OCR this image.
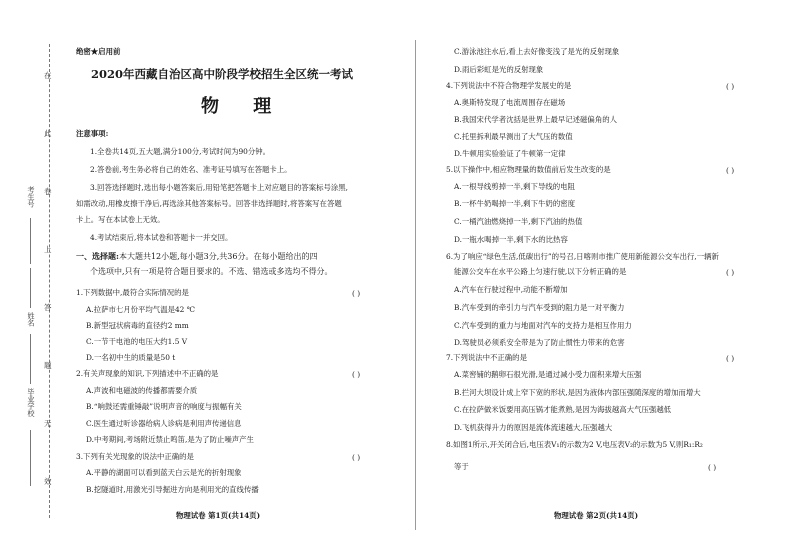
在
此
卷
上
答
题
无
效
考生号
姓名
毕业学校
绝密★启用前
2020年西藏自治区高中阶段学校招生全区统一考试
物 理
注意事项:
1.全卷共14页,五大题,满分100分,考试时间为90分钟。
2.答卷前,考生务必将自己的姓名、准考证号填写在答题卡上。
3.回答选择题时,选出每小题答案后,用铅笔把答题卡上对应题目的答案标号涂黑,
如需改动,用橡皮擦干净后,再选涂其他答案标号。回答非选择题时,将答案写在答题
卡上。写在本试卷上无效。
4.考试结束后,将本试卷和答题卡一并交回。
一、选择题:本大题共12小题,每小题3分,共36分。在每小题给出的四
个选项中,只有一项是符合题目要求的。不选、错选或多选均不得分。
1.下列数据中,最符合实际情况的是	( )
A.拉萨市七月份平均气温是42 ℃
B.新型冠状病毒的直径约2 mm
C.一节干电池的电压大约1.5 V
D.一名初中生的质量是50 t
2.有关声现象的知识,下列描述中不正确的是	( )
A.声波和电磁波的传播都需要介质
B.“响鼓还需重锤敲”说明声音的响度与振幅有关
C.医生通过听诊器给病人诊病是利用声传递信息
D.中考期间,考场附近禁止鸣笛,是为了防止噪声产生
3.下列有关光现象的说法中正确的是	( )
A.平静的湖面可以看到蓝天白云是光的折射现象
B.挖隧道时,用激光引导掘进方向是利用光的直线传播
物理试卷 第1页(共14页)
C.游泳池注水后,看上去好像变浅了是光的反射现象
D.雨后彩虹是光的反射现象
4.下列说法中不符合物理学发展史的是	( )
A.奥斯特发现了电流周围存在磁场
B.我国宋代学者沈括是世界上最早记述磁偏角的人
C.托里拆利最早测出了大气压的数值
D.牛顿用实验验证了牛顿第一定律
5.以下操作中,相应物理量的数值前后发生改变的是	( )
A.一根导线剪掉一半,剩下导线的电阻
B.一杯牛奶喝掉一半,剩下牛奶的密度
C.一桶汽油燃烧掉一半,剩下汽油的热值
D.一瓶水喝掉一半,剩下水的比热容
6.为了响应“绿色生活,低碳出行”的号召,日喀则市推广使用新能源公交车出行,一辆新
能源公交车在水平公路上匀速行驶,以下分析正确的是	( )
A.汽车在行驶过程中,动能不断增加
B.汽车受到的牵引力与汽车受到的阻力是一对平衡力
C.汽车受到的重力与地面对汽车的支持力是相互作用力
D.驾驶员必须系安全带是为了防止惯性力带来的危害
7.下列说法中不正确的是	( )
A.菜窖铺的鹅卵石很光滑,是通过减小受力面积来增大压强
B.拦河大坝设计成上窄下宽的形状,是因为液体内部压强随深度的增加而增大
C.在拉萨做米饭要用高压锅才能煮熟,是因为海拔越高大气压强越低
D.飞机获得升力的原因是流体流速越大,压强越大
8.如图1所示,开关闭合后,电压表V₁的示数为2 V,电压表V₂的示数为5 V,则R₁:R₂
等于	( )
物理试卷 第2页(共14页)
